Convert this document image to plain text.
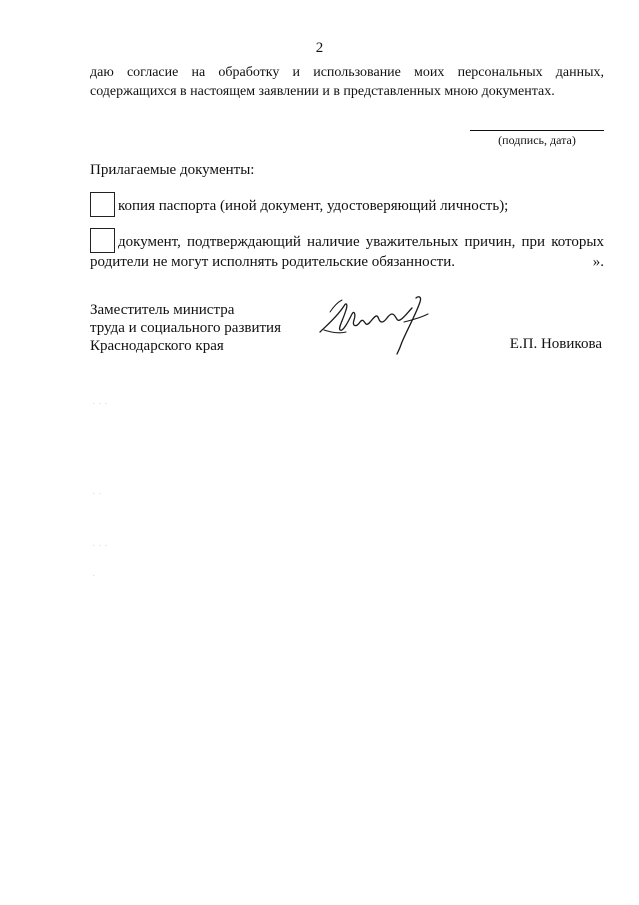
2
даю согласие на обработку и использование моих персональных данных,
содержащихся в настоящем заявлении и в представленных мною документах.
(подпись, дата)
Прилагаемые документы:
копия паспорта (иной документ, удостоверяющий личность);
документ, подтверждающий наличие уважительных причин, при которых
родители не могут исполнять родительские обязанности.	».
Заместитель министра
труда и социального развития
Краснодарского края	Е.П. Новикова
· · ·
· ·
· · ·
·
